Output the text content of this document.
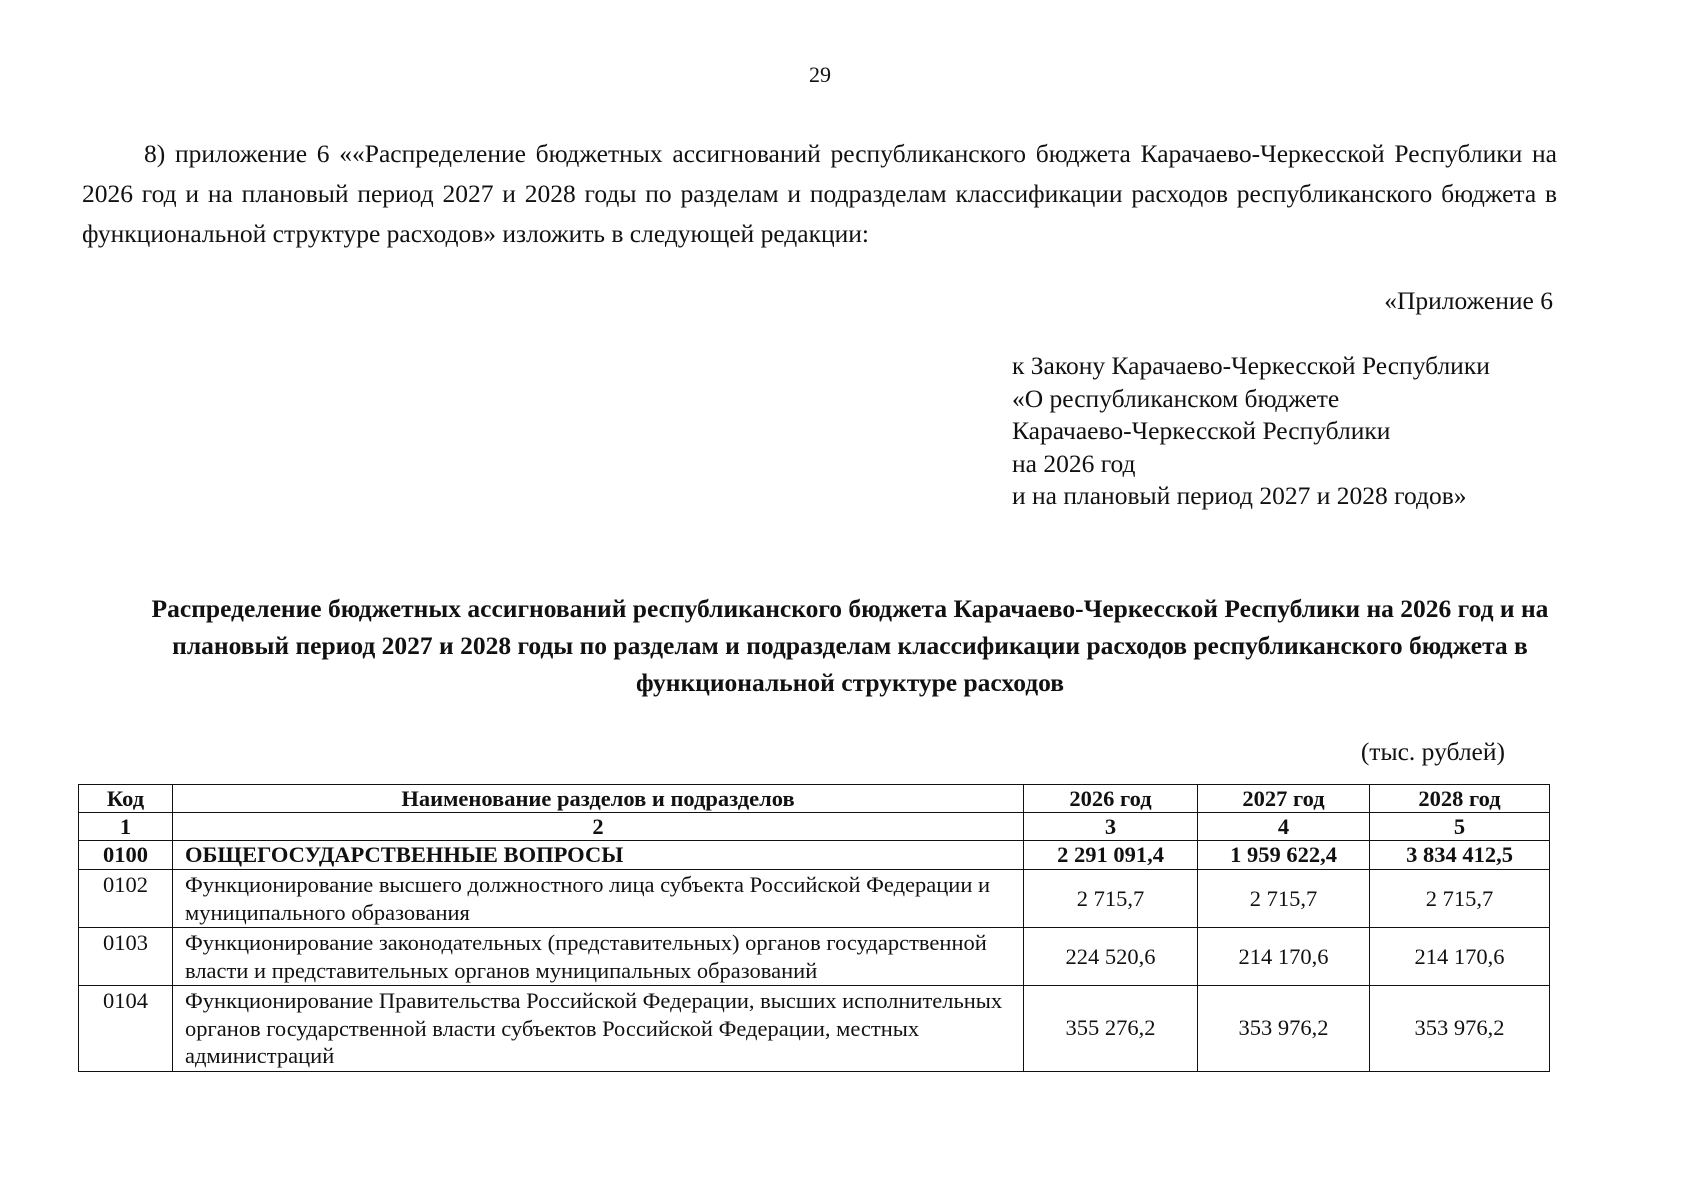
29

8) приложение 6 ««Распределение бюджетных ассигнований республиканского бюджета Карачаево-Черкесской Республики на 2026 год и на плановый период 2027 и 2028 годы по разделам и подразделам классификации расходов республиканского бюджета в функциональной структуре расходов» изложить в следующей редакции:

«Приложение 6

к Закону Карачаево-Черкесской Республики
«О республиканском бюджете
Карачаево-Черкесской Республики
на 2026 год
и на плановый период 2027 и 2028 годов»

Распределение бюджетных ассигнований республиканского бюджета Карачаево-Черкесской Республики на 2026 год и на плановый период 2027 и 2028 годы по разделам и подразделам классификации расходов республиканского бюджета в функциональной структуре расходов

(тыс. рублей)

Код	Наименование разделов и подразделов	2026 год	2027 год	2028 год
1	2	3	4	5
0100	ОБЩЕГОСУДАРСТВЕННЫЕ ВОПРОСЫ	2 291 091,4	1 959 622,4	3 834 412,5
0102	Функционирование высшего должностного лица субъекта Российской Федерации и муниципального образования	2 715,7	2 715,7	2 715,7
0103	Функционирование законодательных (представительных) органов государственной власти и представительных органов муниципальных образований	224 520,6	214 170,6	214 170,6
0104	Функционирование Правительства Российской Федерации, высших исполнительных органов государственной власти субъектов Российской Федерации, местных администраций	355 276,2	353 976,2	353 976,2
